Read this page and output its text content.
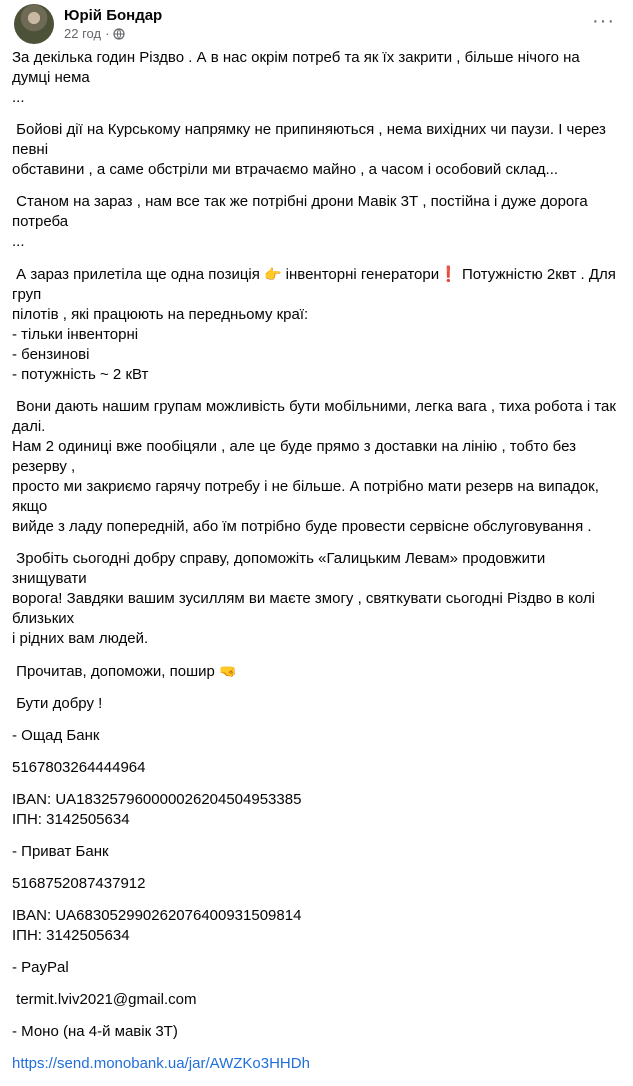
Юрій Бондар
22 год ·
···
За декілька годин Різдво . А в нас окрім потреб та як їх закрити , більше нічого на думці нема
...
Бойові дії на Курському напрямку не припиняються , нема вихідних чи паузи. І через певні
обставини , а саме обстріли ми втрачаємо майно , а часом і особовий склад...
Станом на зараз , нам все так же потрібні дрони Мавік 3Т , постійна і дуже дорога потреба
...
А зараз прилетіла ще одна позиція 👉 інвенторні генератори❗ Потужністю 2квт . Для груп
пілотів , які працюють на передньому краї:
- тільки інвенторні
- бензинові
- потужність ~ 2 кВт
Вони дають нашим групам можливість бути мобільними, легка вага , тиха робота і так далі.
Нам 2 одиниці вже пообіцяли , але це буде прямо з доставки на лінію , тобто без резерву ,
просто ми закриємо гарячу потребу і не більше. А потрібно мати резерв на випадок, якщо
вийде з ладу попередній, або їм потрібно буде провести сервісне обслуговування .
Зробіть сьогодні добру справу, допоможіть «Галицьким Левам» продовжити знищувати
ворога! Завдяки вашим зусиллям ви маєте змогу , святкувати сьогодні Різдво в колі близьких
і рідних вам людей.
Прочитав, допоможи, пошир 🤜
Бути добру !
- Ощад Банк
5167803264444964
IBAN: UA183257960000026204504953385
ІПН: 3142505634
- Приват Банк
5168752087437912
IBAN: UA683052990262076400931509814
ІПН: 3142505634
- PayPal
termit.lviv2021@gmail.com
- Моно (на 4-й мавік 3Т)
https://send.monobank.ua/jar/AWZKo3HHDh
